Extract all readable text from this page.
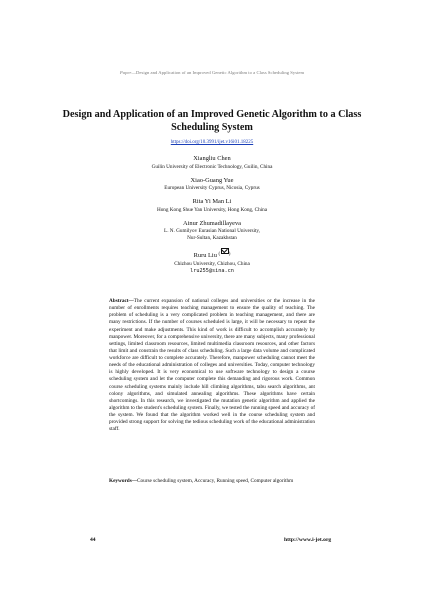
Paper—Design and Application of an Improved Genetic Algorithm to a Class Scheduling System
Design and Application of an Improved Genetic Algorithm to a Class Scheduling System
https://doi.org/10.3991/ijet.v16i01.18225
Xiangliu Chen
Guilin University of Electronic Technology, Guilin, China
Xiao-Guang Yue
European University Cyprus, Nicosia, Cyprus
Rita Yi Man Li
Hong Kong Shue Yan University, Hong Kong, China
Ainur Zhumadillayeva
L. N. Gumilyov Eurasian National University,
Nur-Sultan, Kazakhstan
Ruru Liu ( )
Chizhou University, Chizhou, China
lru255@sina.cn
Abstract—The current expansion of national colleges and universities or the increase in the number of enrollments requires teaching management to ensure the quality of teaching. The problem of scheduling is a very complicated problem in teaching management, and there are many restrictions. If the number of courses scheduled is large, it will be necessary to repeat the experiment and make adjustments. This kind of work is difficult to accomplish accurately by manpower. Moreover, for a comprehensive university, there are many subjects, many professional settings, limited classroom resources, limited multimedia classroom resources, and other factors that limit and constrain the results of class scheduling. Such a large data volume and complicated workforce are difficult to complete accurately. Therefore, manpower scheduling cannot meet the needs of the educational administration of colleges and universities. Today, computer technology is highly developed. It is very economical to use software technology to design a course scheduling system and let the computer complete this demanding and rigorous work. Common course scheduling systems mainly include hill climbing algorithms, tabu search algorithms, ant colony algorithms, and simulated annealing algorithms. These algorithms have certain shortcomings. In this research, we investigated the mutation genetic algorithm and applied the algorithm to the student's scheduling system. Finally, we tested the running speed and accuracy of the system. We found that the algorithm worked well in the course scheduling system and provided strong support for solving the tedious scheduling work of the educational administration staff.
Keywords—Course scheduling system, Accuracy, Running speed, Computer algorithm
44	http://www.i-jet.org
